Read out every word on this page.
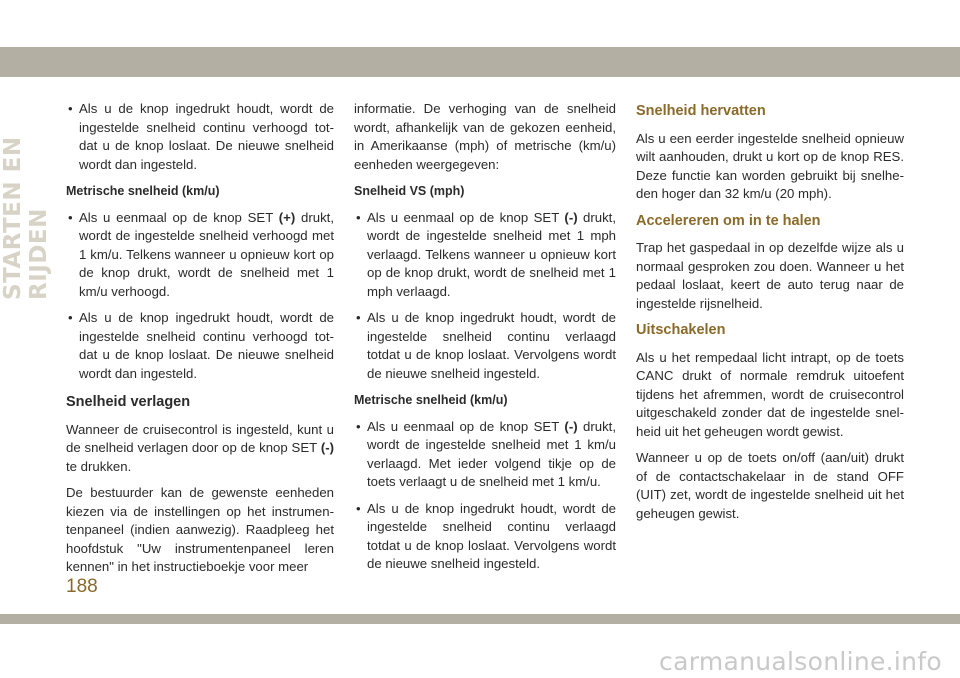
STARTEN EN RIJDEN
• Als u de knop ingedrukt houdt, wordt de ingestelde snelheid continu verhoogd tot-dat u de knop loslaat. De nieuwe snelheid wordt dan ingesteld.
Metrische snelheid (km/u)
• Als u eenmaal op de knop SET (+) drukt, wordt de ingestelde snelheid verhoogd met 1 km/u. Telkens wanneer u opnieuw kort op de knop drukt, wordt de snelheid met 1 km/u verhoogd.
• Als u de knop ingedrukt houdt, wordt de ingestelde snelheid continu verhoogd tot-dat u de knop loslaat. De nieuwe snelheid wordt dan ingesteld.
Snelheid verlagen

Wanneer de cruisecontrol is ingesteld, kunt u de snelheid verlagen door op de knop SET (-) te drukken.

De bestuurder kan de gewenste eenheden kiezen via de instellingen op het instrumen-tenpaneel (indien aanwezig). Raadpleeg het hoofdstuk "Uw instrumentenpaneel leren kennen" in het instructieboekje voor meer

informatie. De verhoging van de snelheid wordt, afhankelijk van de gekozen eenheid, in Amerikaanse (mph) of metrische (km/u) eenheden weergegeven:

Snelheid VS (mph)
• Als u eenmaal op de knop SET (-) drukt, wordt de ingestelde snelheid met 1 mph verlaagd. Telkens wanneer u opnieuw kort op de knop drukt, wordt de snelheid met 1 mph verlaagd.
• Als u de knop ingedrukt houdt, wordt de ingestelde snelheid continu verlaagd totdat u de knop loslaat. Vervolgens wordt de nieuwe snelheid ingesteld.
Metrische snelheid (km/u)
• Als u eenmaal op de knop SET (-) drukt, wordt de ingestelde snelheid met 1 km/u verlaagd. Met ieder volgend tikje op de toets verlaagt u de snelheid met 1 km/u.
• Als u de knop ingedrukt houdt, wordt de ingestelde snelheid continu verlaagd totdat u de knop loslaat. Vervolgens wordt de nieuwe snelheid ingesteld.
Snelheid hervatten

Als u een eerder ingestelde snelheid opnieuw wilt aanhouden, drukt u kort op de knop RES. Deze functie kan worden gebruikt bij snelhe-den hoger dan 32 km/u (20 mph).

Accelereren om in te halen

Trap het gaspedaal in op dezelfde wijze als u normaal gesproken zou doen. Wanneer u het pedaal loslaat, keert de auto terug naar de ingestelde rijsnelheid.

Uitschakelen

Als u het rempedaal licht intrapt, op de toets CANC drukt of normale remdruk uitoefent tijdens het afremmen, wordt de cruisecontrol uitgeschakeld zonder dat de ingestelde snel-heid uit het geheugen wordt gewist.

Wanneer u op de toets on/off (aan/uit) drukt of de contactschakelaar in de stand OFF (UIT) zet, wordt de ingestelde snelheid uit het geheugen gewist.

188
carmanualsonline.info
